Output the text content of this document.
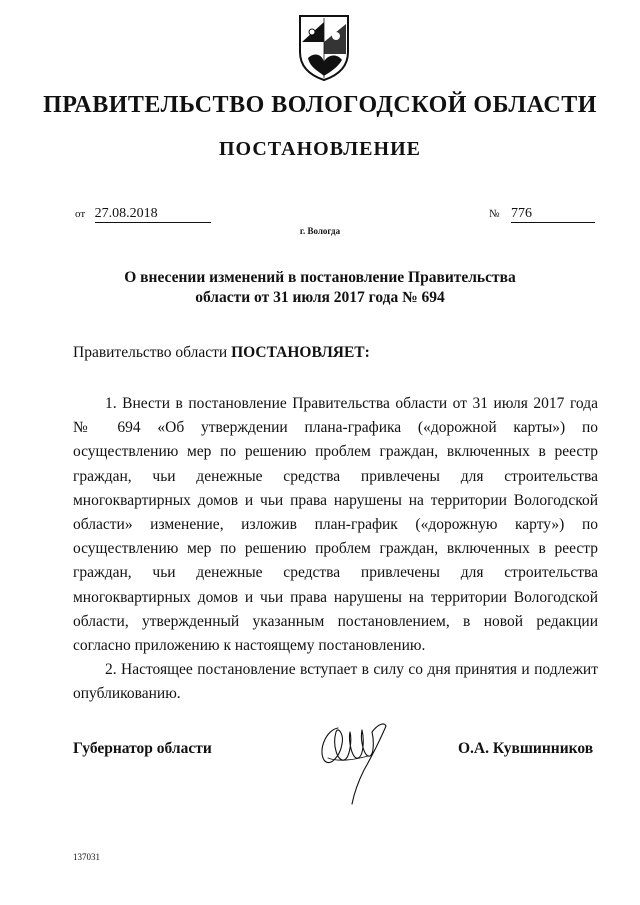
ПРАВИТЕЛЬСТВО ВОЛОГОДСКОЙ ОБЛАСТИ
ПОСТАНОВЛЕНИЕ
от 27.08.2018	№ 776
г. Вологда
О внесении изменений в постановление Правительства
области от 31 июля 2017 года № 694
Правительство области ПОСТАНОВЛЯЕТ:

1. Внести в постановление Правительства области от 31 июля 2017 года № 694 «Об утверждении плана-графика («дорожной карты») по осуществлению мер по решению проблем граждан, включенных в реестр граждан, чьи денежные средства привлечены для строительства многоквартирных домов и чьи права нарушены на территории Вологодской области» изменение, изложив план-график («дорожную карту») по осуществлению мер по решению проблем граждан, включенных в реестр граждан, чьи денежные средства привлечены для строительства многоквартирных домов и чьи права нарушены на территории Вологодской области, утвержденный указанным постановлением, в новой редакции согласно приложению к настоящему постановлению.

2. Настоящее постановление вступает в силу со дня принятия и подлежит опубликованию.

Губернатор области	О.А. Кувшинников
137031
